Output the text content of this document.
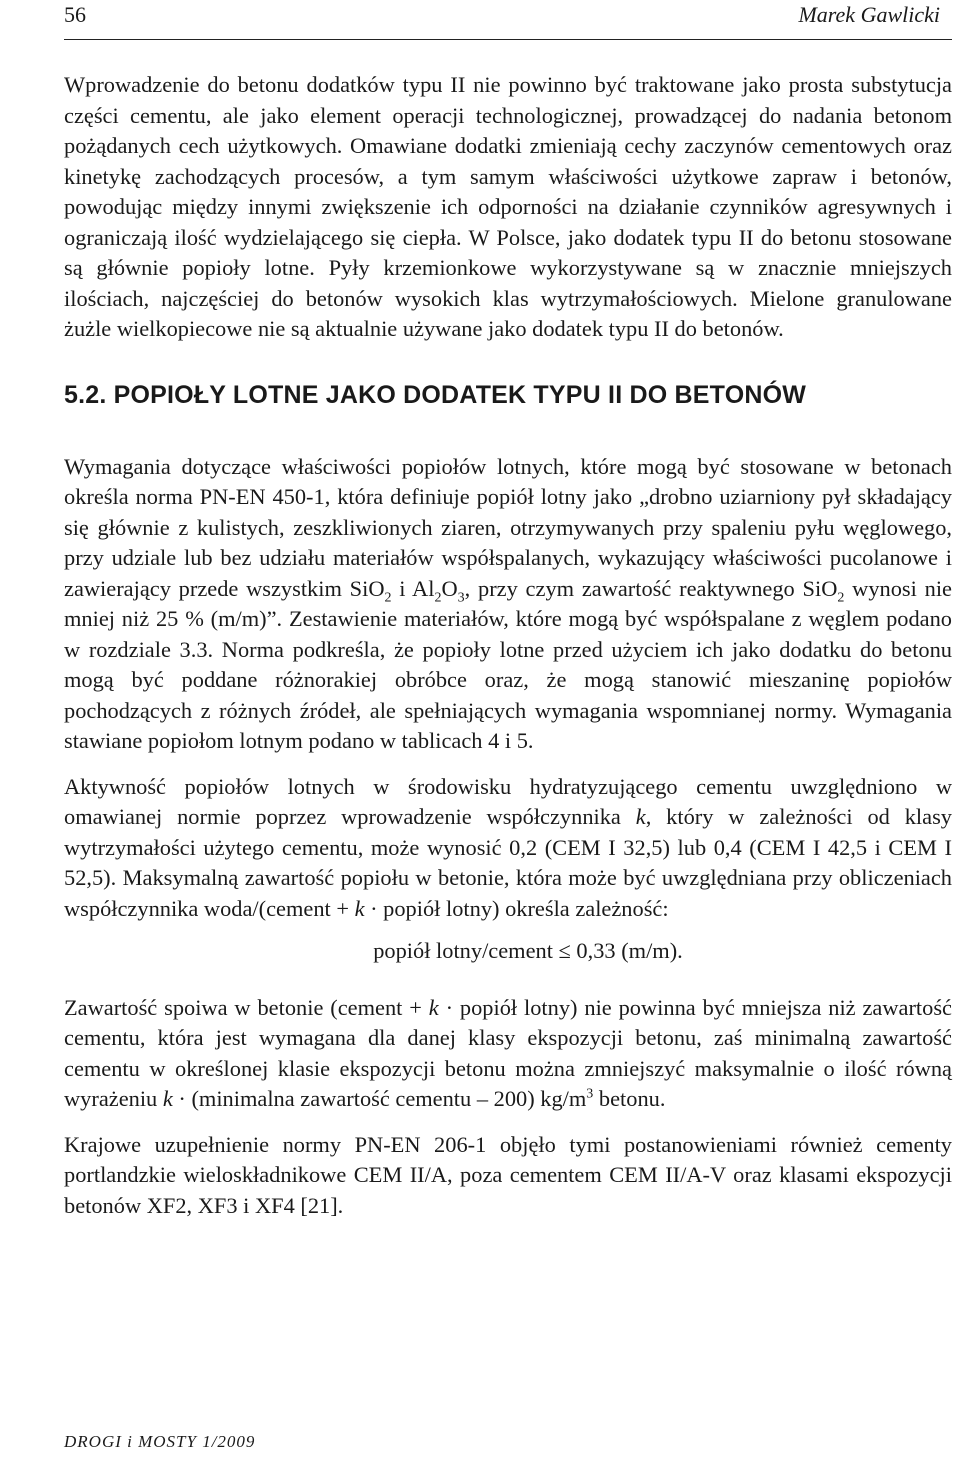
56	Marek Gawlicki

Wprowadzenie do betonu dodatków typu II nie powinno być traktowane jako prosta substytucja części cementu, ale jako element operacji technologicznej, prowadzącej do nadania betonom pożądanych cech użytkowych. Omawiane dodatki zmieniają cechy zaczynów cementowych oraz kinetykę zachodzących procesów, a tym samym właściwości użytkowe zapraw i betonów, powodując między innymi zwiększenie ich odporności na działanie czynników agresywnych i ograniczają ilość wydzielającego się ciepła. W Polsce, jako dodatek typu II do betonu stosowane są głównie popioły lotne. Pyły krzemionkowe wykorzystywane są w znacznie mniejszych ilościach, najczęściej do betonów wysokich klas wytrzymałościowych. Mielone granulowane żużle wielkopiecowe nie są aktualnie używane jako dodatek typu II do betonów.

5.2. POPIOŁY LOTNE JAKO DODATEK TYPU II DO BETONÓW

Wymagania dotyczące właściwości popiołów lotnych, które mogą być stosowane w betonach określa norma PN-EN 450-1, która definiuje popiół lotny jako „drobno uziarniony pył składający się głównie z kulistych, zeszkliwionych ziaren, otrzymywanych przy spaleniu pyłu węglowego, przy udziale lub bez udziału materiałów współspalanych, wykazujący właściwości pucolanowe i zawierający przede wszystkim SiO$_2$ i $Al_2O_3$, przy czym zawartość reaktywnego SiO$_2$ wynosi nie mniej niż 25 % (m/m)”. Zestawienie materiałów, które mogą być współspalane z węglem podano w rozdziale 3.3. Norma podkreśla, że popioły lotne przed użyciem ich jako dodatku do betonu mogą być poddane różnorakiej obróbce oraz, że mogą stanowić mieszaninę popiołów pochodzących z różnych źródeł, ale spełniających wymagania wspomnianej normy. Wymagania stawiane popiołom lotnym podano w tablicach 4 i 5.

Aktywność popiołów lotnych w środowisku hydratyzującego cementu uwzględniono w omawianej normie poprzez wprowadzenie współczynnika k, który w zależności od klasy wytrzymałości użytego cementu, może wynosić 0,2 (CEM I 32,5) lub 0,4 (CEM I 42,5 i CEM I 52,5). Maksymalną zawartość popiołu w betonie, która może być uwzględniana przy obliczeniach współczynnika woda/(cement + k · popiół lotny) określa zależność:

popiół lotny/cement ≤ 0,33 (m/m).

Zawartość spoiwa w betonie (cement + k · popiół lotny) nie powinna być mniejsza niż zawartość cementu, która jest wymagana dla danej klasy ekspozycji betonu, zaś minimalną zawartość cementu w określonej klasie ekspozycji betonu można zmniejszyć maksymalnie o ilość równą wyrażeniu k · (minimalna zawartość cementu – 200) $kg/m^3$ betonu.

Krajowe uzupełnienie normy PN-EN 206-1 objęło tymi postanowieniami również cementy portlandzkie wieloskładnikowe CEM II/A, poza cementem CEM II/A-V oraz klasami ekspozycji betonów XF2, XF3 i XF4 [21].

DROGI i MOSTY 1/2009
